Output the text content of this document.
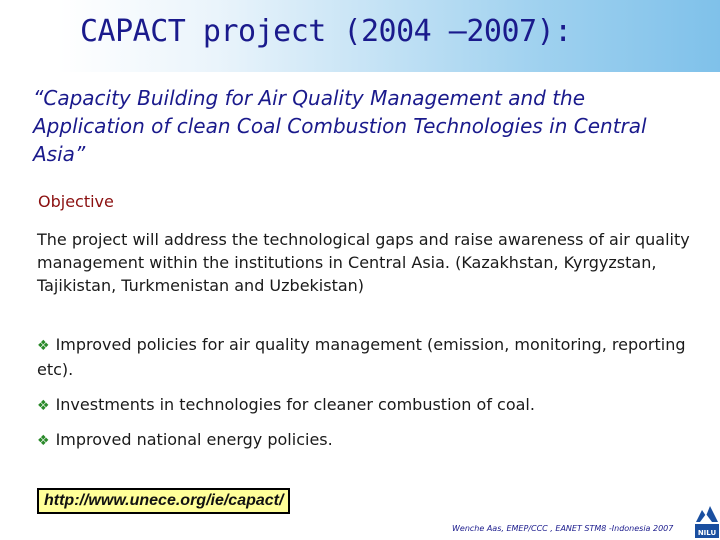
CAPACT project (2004 –2007):
“Capacity Building for Air Quality Management and the Application of clean Coal Combustion Technologies in Central Asia”
Objective
The project will address the technological gaps and raise awareness of air quality management within the institutions in Central Asia. (Kazakhstan, Kyrgyzstan, Tajikistan, Turkmenistan and Uzbekistan)
❖ Improved policies for air quality management (emission, monitoring, reporting etc).
❖ Investments in technologies for cleaner combustion of coal.
❖ Improved national energy policies.
http://www.unece.org/ie/capact/
Wenche Aas, EMEP/CCC , EANET STM8 -Indonesia 2007	NILU
